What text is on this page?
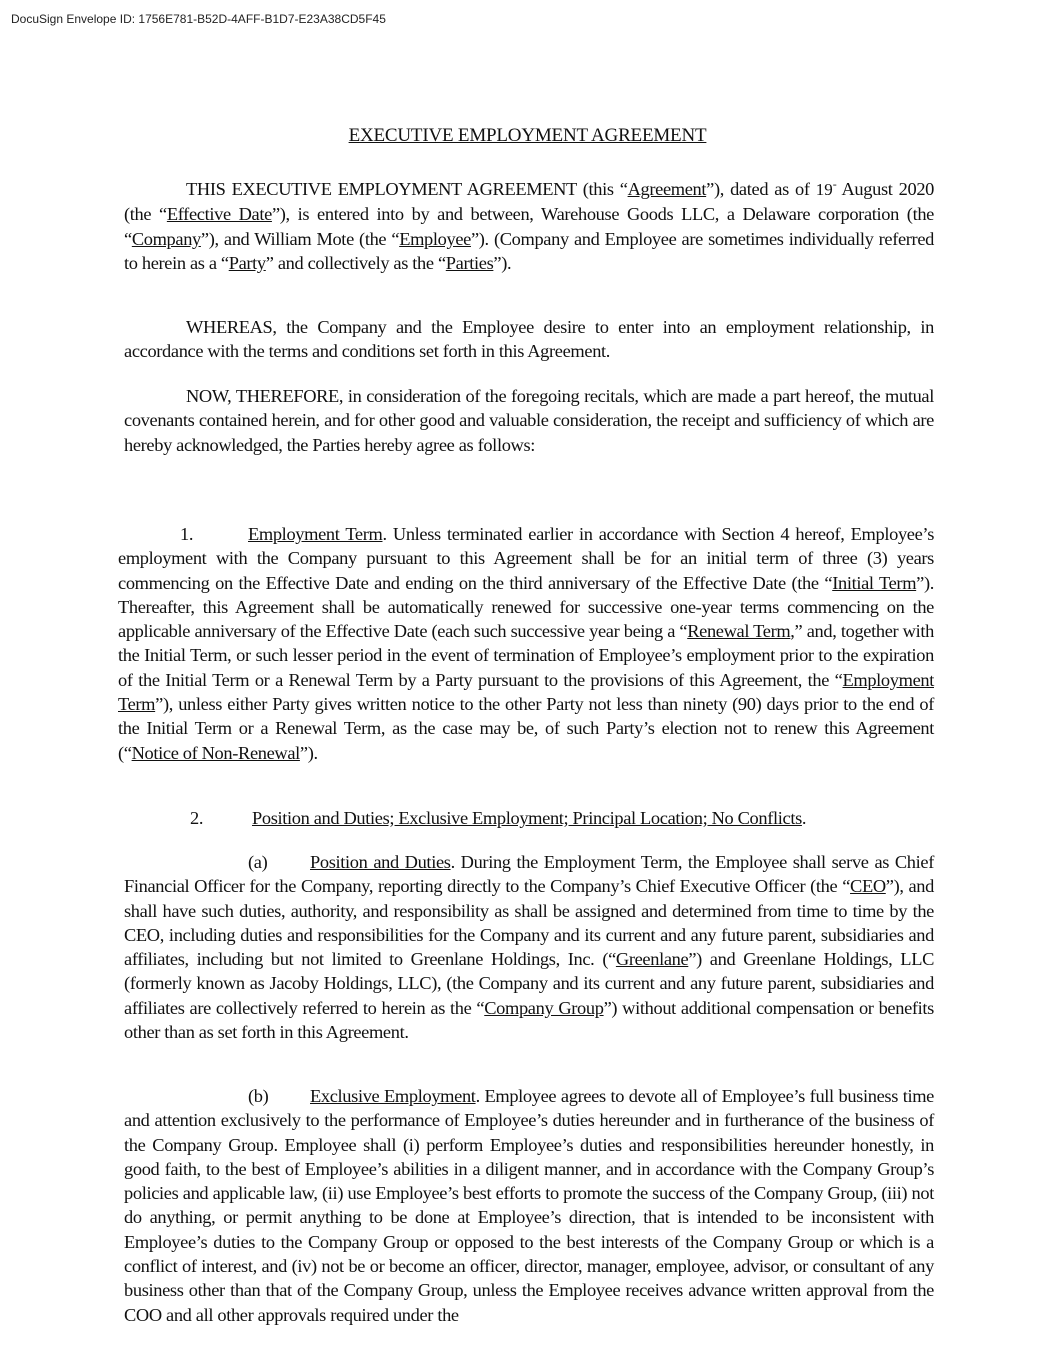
DocuSign Envelope ID: 1756E781-B52D-4AFF-B1D7-E23A38CD5F45
EXECUTIVE EMPLOYMENT AGREEMENT
THIS EXECUTIVE EMPLOYMENT AGREEMENT (this “Agreement”), dated as of 19- August 2020 (the “Effective Date”), is entered into by and between, Warehouse Goods LLC, a Delaware corporation (the “Company”), and William Mote (the “Employee”). (Company and Employee are sometimes individually referred to herein as a “Party” and collectively as the “Parties”).
WHEREAS, the Company and the Employee desire to enter into an employment relationship, in accordance with the terms and conditions set forth in this Agreement.
NOW, THEREFORE, in consideration of the foregoing recitals, which are made a part hereof, the mutual covenants contained herein, and for other good and valuable consideration, the receipt and sufficiency of which are hereby acknowledged, the Parties hereby agree as follows:
1.	Employment Term. Unless terminated earlier in accordance with Section 4 hereof, Employee’s employment with the Company pursuant to this Agreement shall be for an initial term of three (3) years commencing on the Effective Date and ending on the third anniversary of the Effective Date (the “Initial Term”). Thereafter, this Agreement shall be automatically renewed for successive one-year terms commencing on the applicable anniversary of the Effective Date (each such successive year being a “Renewal Term,” and, together with the Initial Term, or such lesser period in the event of termination of Employee’s employment prior to the expiration of the Initial Term or a Renewal Term by a Party pursuant to the provisions of this Agreement, the “Employment Term”), unless either Party gives written notice to the other Party not less than ninety (90) days prior to the end of the Initial Term or a Renewal Term, as the case may be, of such Party’s election not to renew this Agreement (“Notice of Non-Renewal”).
2.	Position and Duties; Exclusive Employment; Principal Location; No Conflicts.
(a) Position and Duties. During the Employment Term, the Employee shall serve as Chief Financial Officer for the Company, reporting directly to the Company’s Chief Executive Officer (the “CEO”), and shall have such duties, authority, and responsibility as shall be assigned and determined from time to time by the CEO, including duties and responsibilities for the Company and its current and any future parent, subsidiaries and affiliates, including but not limited to Greenlane Holdings, Inc. (“Greenlane”) and Greenlane Holdings, LLC (formerly known as Jacoby Holdings, LLC), (the Company and its current and any future parent, subsidiaries and affiliates are collectively referred to herein as the “Company Group”) without additional compensation or benefits other than as set forth in this Agreement.
(b) Exclusive Employment. Employee agrees to devote all of Employee’s full business time and attention exclusively to the performance of Employee’s duties hereunder and in furtherance of the business of the Company Group. Employee shall (i) perform Employee’s duties and responsibilities hereunder honestly, in good faith, to the best of Employee’s abilities in a diligent manner, and in accordance with the Company Group’s policies and applicable law, (ii) use Employee’s best efforts to promote the success of the Company Group, (iii) not do anything, or permit anything to be done at Employee’s direction, that is intended to be inconsistent with Employee’s duties to the Company Group or opposed to the best interests of the Company Group or which is a conflict of interest, and (iv) not be or become an officer, director, manager, employee, advisor, or consultant of any business other than that of the Company Group, unless the Employee receives advance written approval from the COO and all other approvals required under the
